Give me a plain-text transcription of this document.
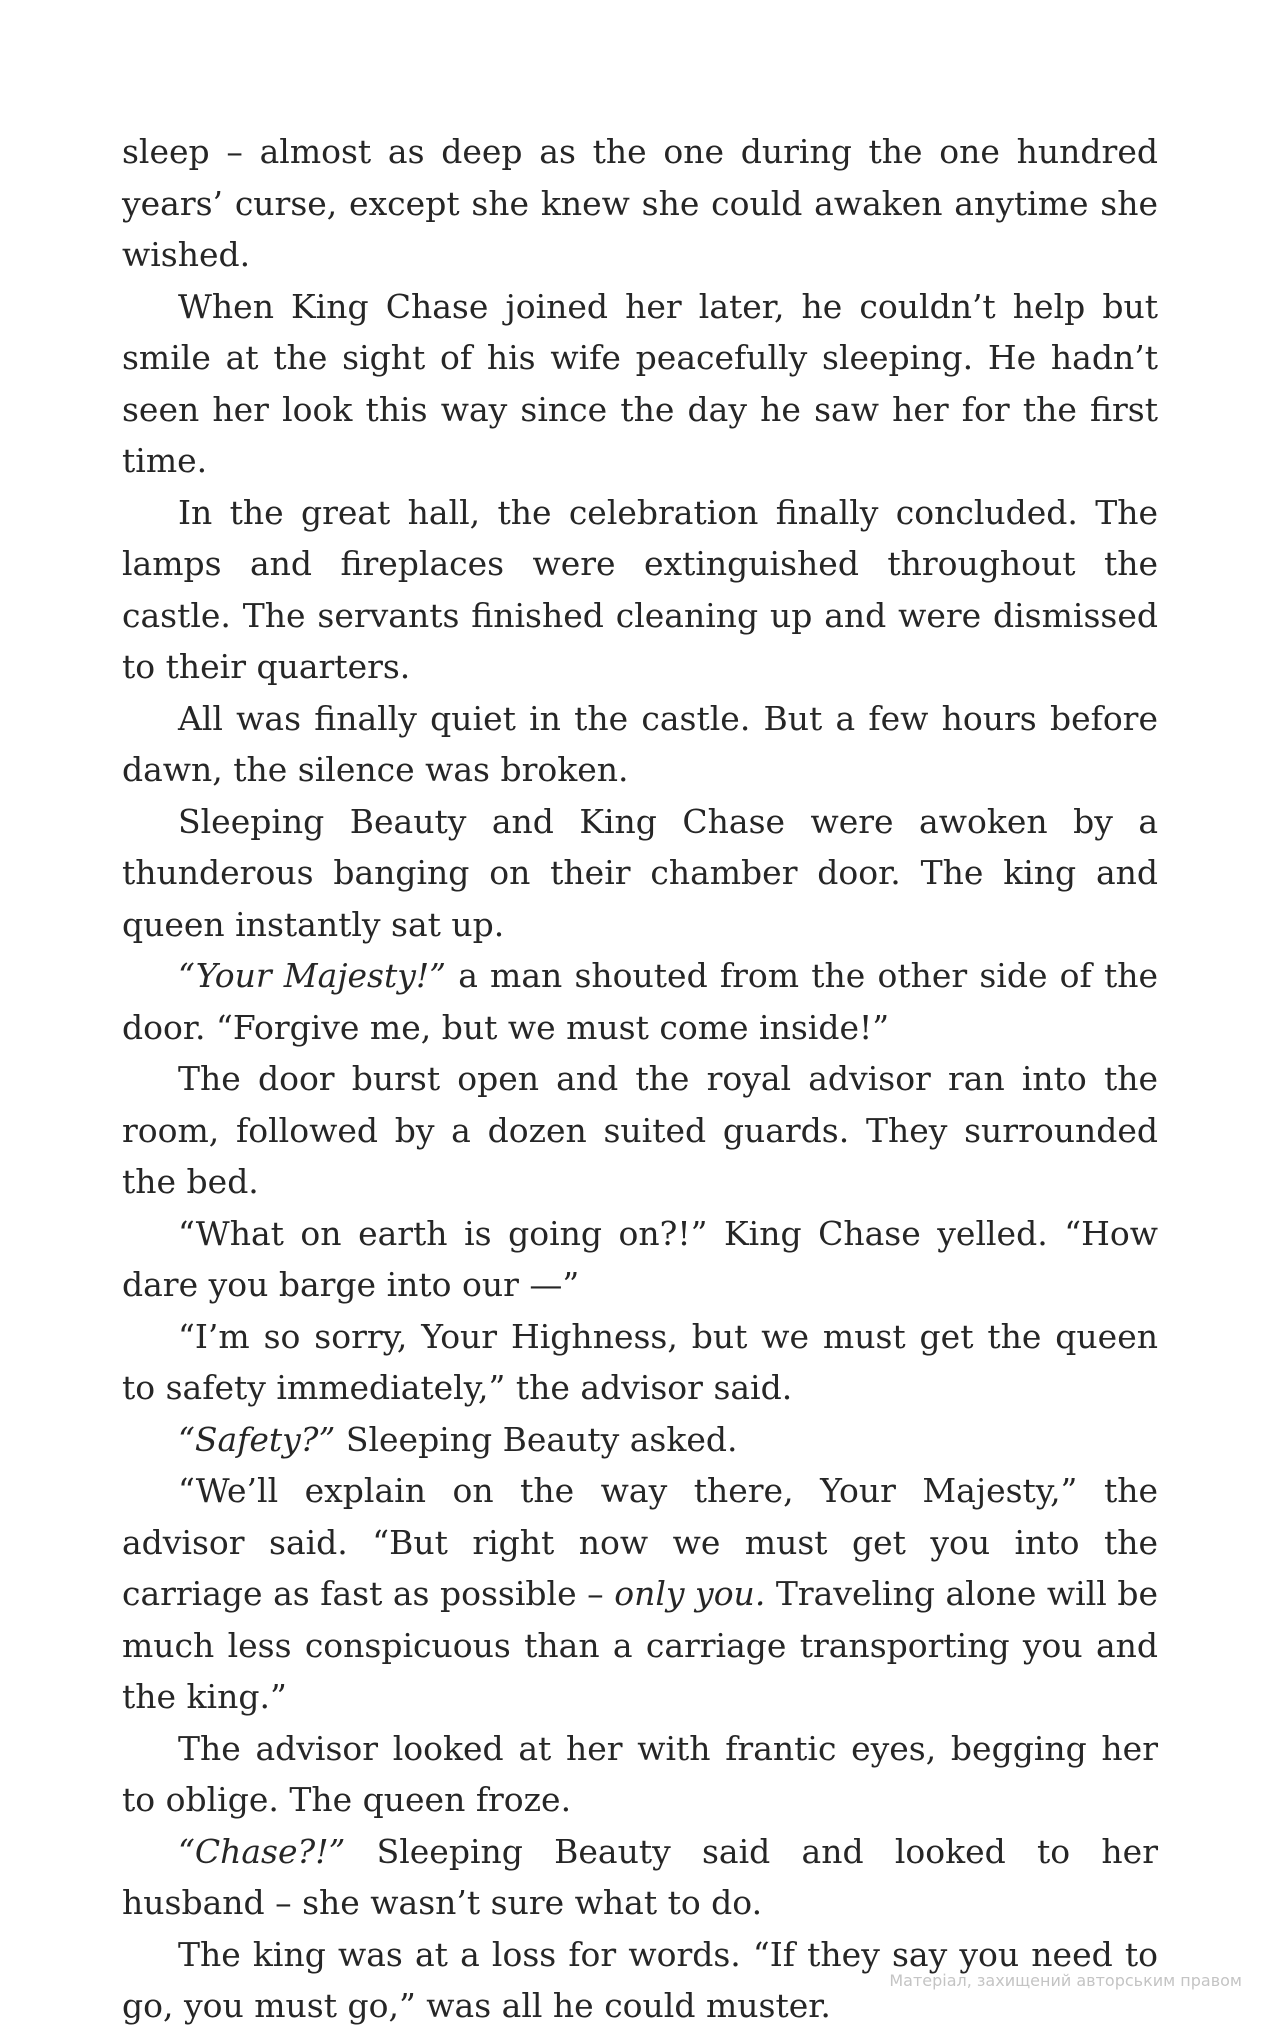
sleep – almost as deep as the one during the one hundred years’ curse, except she knew she could awaken anytime she wished.

When King Chase joined her later, he couldn’t help but smile at the sight of his wife peacefully sleeping. He hadn’t seen her look this way since the day he saw her for the first time.

In the great hall, the celebration finally concluded. The lamps and fireplaces were extinguished throughout the castle. The servants finished cleaning up and were dismissed to their quarters.

All was finally quiet in the castle. But a few hours before dawn, the silence was broken.

Sleeping Beauty and King Chase were awoken by a thunderous banging on their chamber door. The king and queen instantly sat up.

“Your Majesty!” a man shouted from the other side of the door. “Forgive me, but we must come inside!”

The door burst open and the royal advisor ran into the room, followed by a dozen suited guards. They surrounded the bed.

“What on earth is going on?!” King Chase yelled. “How dare you barge into our —”

“I’m so sorry, Your Highness, but we must get the queen to safety immediately,” the advisor said.

“Safety?” Sleeping Beauty asked.

“We’ll explain on the way there, Your Majesty,” the advisor said. “But right now we must get you into the carriage as fast as possible – only you. Traveling alone will be much less conspicuous than a carriage transporting you and the king.”

The advisor looked at her with frantic eyes, begging her to oblige. The queen froze.

“Chase?!” Sleeping Beauty said and looked to her husband – she wasn’t sure what to do.

The king was at a loss for words. “If they say you need to go, you must go,” was all he could muster.

Матеріал, захищений авторським правом
